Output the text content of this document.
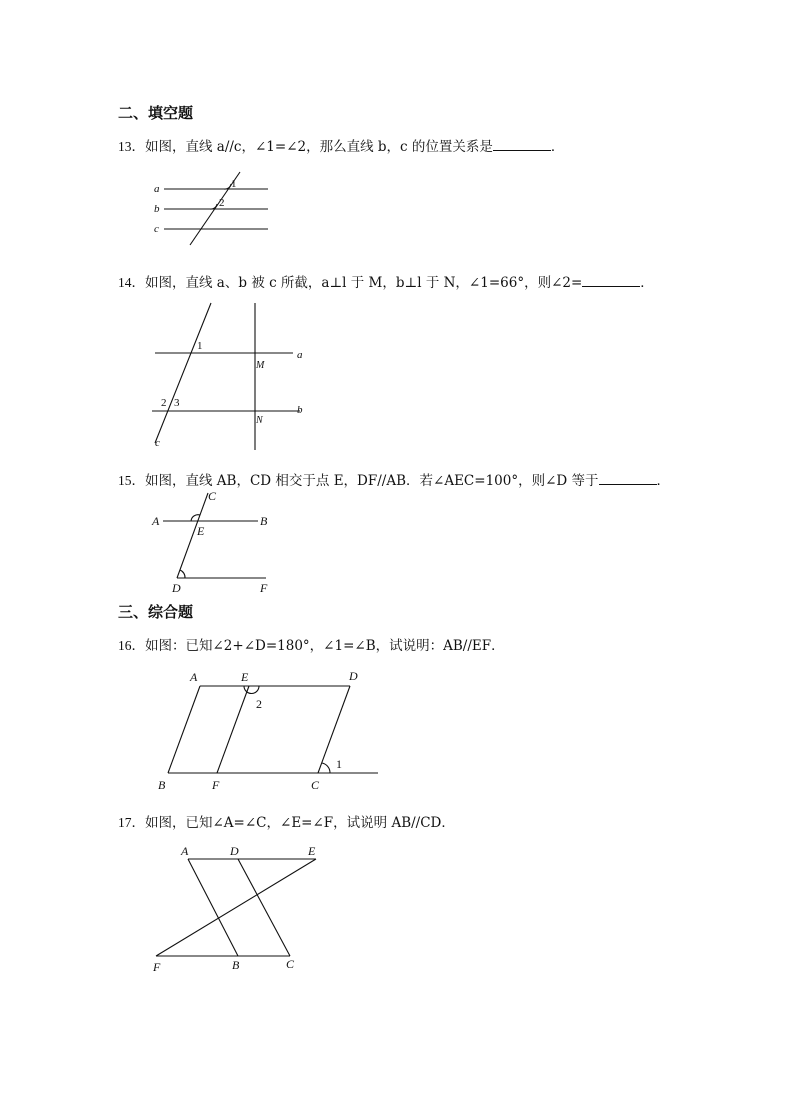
二、填空题
13．如图，直线 a//c，∠1=∠2，那么直线 b，c 的位置关系是	．
a
b
c
1
2
14．如图，直线 a、b 被 c 所截，a⊥l 于 M，b⊥l 于 N，∠1=66°，则∠2=	．
1
2 3
M
N
a
b
c
15．如图，直线 AB，CD 相交于点 E，DF//AB．若∠AEC=100°，则∠D 等于	．
A	B
C
E
D	F
三、综合题
16．如图：已知∠2+∠D=180°，∠1=∠B，试说明：AB//EF．
A	E	D
2
1
B	F	C
17．如图，已知∠A=∠C，∠E=∠F，试说明 AB//CD．
A	D	E
F	B	C
